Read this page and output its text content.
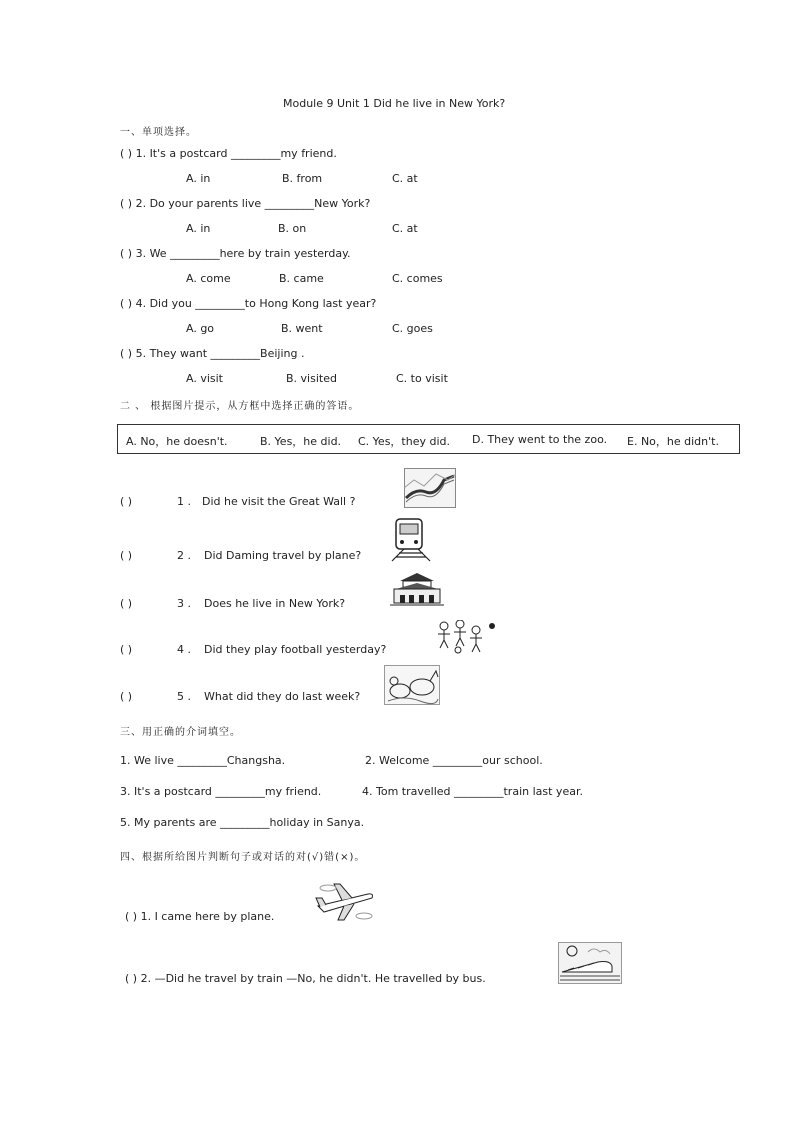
Module 9 Unit 1 Did he live in New York?
一、单项选择。
( ) 1. It's a postcard _________my friend.
A. in	B. from	C. at
( ) 2. Do your parents live _________New York?
A. in	B. on	C. at
( ) 3. We _________here by train yesterday.
A. come	B. came	C. comes
( ) 4. Did you _________to Hong Kong last year?
A. go	B. went	C. goes
( ) 5. They want _________Beijing .
A. visit	B. visited	C. to visit
二 、 根据图片提示，从方框中选择正确的答语。
A. No，he doesn't.	B. Yes，he did. C. Yes，they did. D. They went to the zoo. E. No，he didn't.
( )	1 . Did he visit the Great Wall ?
( )	2 . Did Daming travel by plane?
( )	3 . Does he live in New York?
( )	4 . Did they play football yesterday?
( )	5 . What did they do last week?
三、用正确的介词填空。
1. We live _________Changsha.	2. Welcome _________our school.
3. It's a postcard _________my friend.	4. Tom travelled _________train last year.
5. My parents are _________holiday in Sanya.
四、根据所给图片判断句子或对话的对(√)错(×)。
( ) 1. I came here by plane.
( ) 2. —Did he travel by train —No, he didn't. He travelled by bus.
